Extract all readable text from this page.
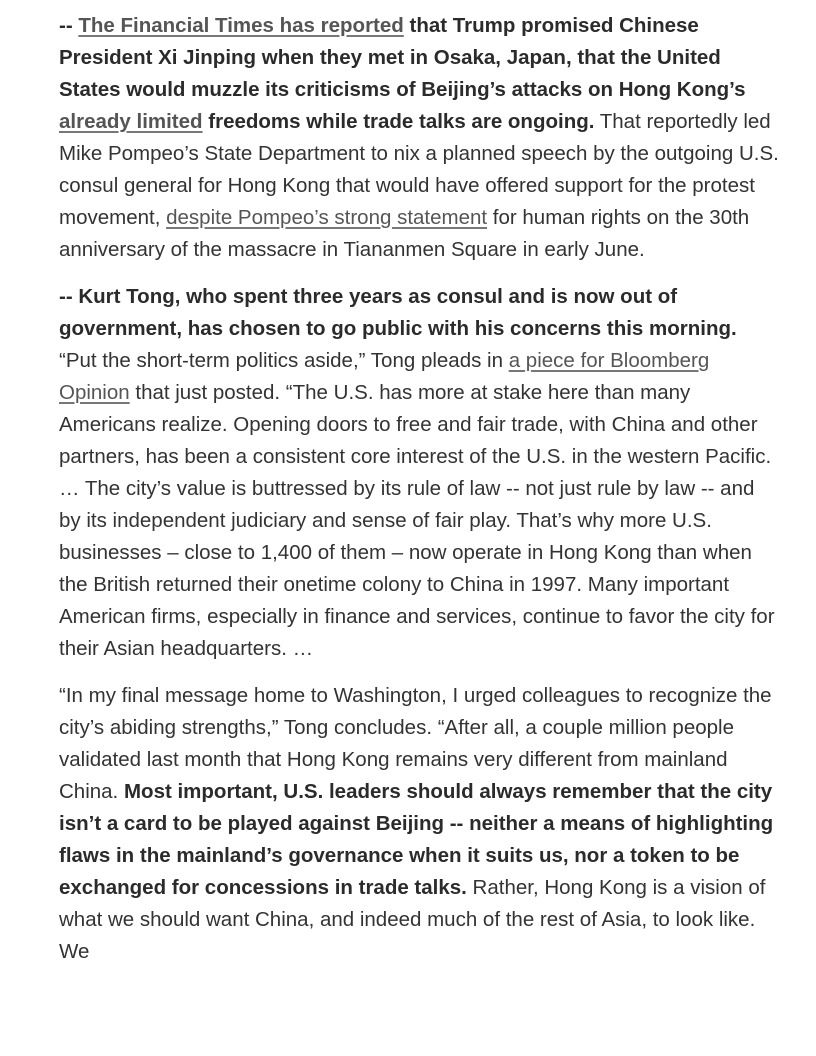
-- The Financial Times has reported that Trump promised Chinese President Xi Jinping when they met in Osaka, Japan, that the United States would muzzle its criticisms of Beijing’s attacks on Hong Kong’s already limited freedoms while trade talks are ongoing. That reportedly led Mike Pompeo’s State Department to nix a planned speech by the outgoing U.S. consul general for Hong Kong that would have offered support for the protest movement, despite Pompeo’s strong statement for human rights on the 30th anniversary of the massacre in Tiananmen Square in early June.

-- Kurt Tong, who spent three years as consul and is now out of government, has chosen to go public with his concerns this morning. “Put the short-term politics aside,” Tong pleads in a piece for Bloomberg Opinion that just posted. “The U.S. has more at stake here than many Americans realize. Opening doors to free and fair trade, with China and other partners, has been a consistent core interest of the U.S. in the western Pacific. … The city’s value is buttressed by its rule of law -- not just rule by law -- and by its independent judiciary and sense of fair play. That’s why more U.S. businesses – close to 1,400 of them – now operate in Hong Kong than when the British returned their onetime colony to China in 1997. Many important American firms, especially in finance and services, continue to favor the city for their Asian headquarters. …

“In my final message home to Washington, I urged colleagues to recognize the city’s abiding strengths,” Tong concludes. “After all, a couple million people validated last month that Hong Kong remains very different from mainland China. Most important, U.S. leaders should always remember that the city isn’t a card to be played against Beijing -- neither a means of highlighting flaws in the mainland’s governance when it suits us, nor a token to be exchanged for concessions in trade talks. Rather, Hong Kong is a vision of what we should want China, and indeed much of the rest of Asia, to look like. We
